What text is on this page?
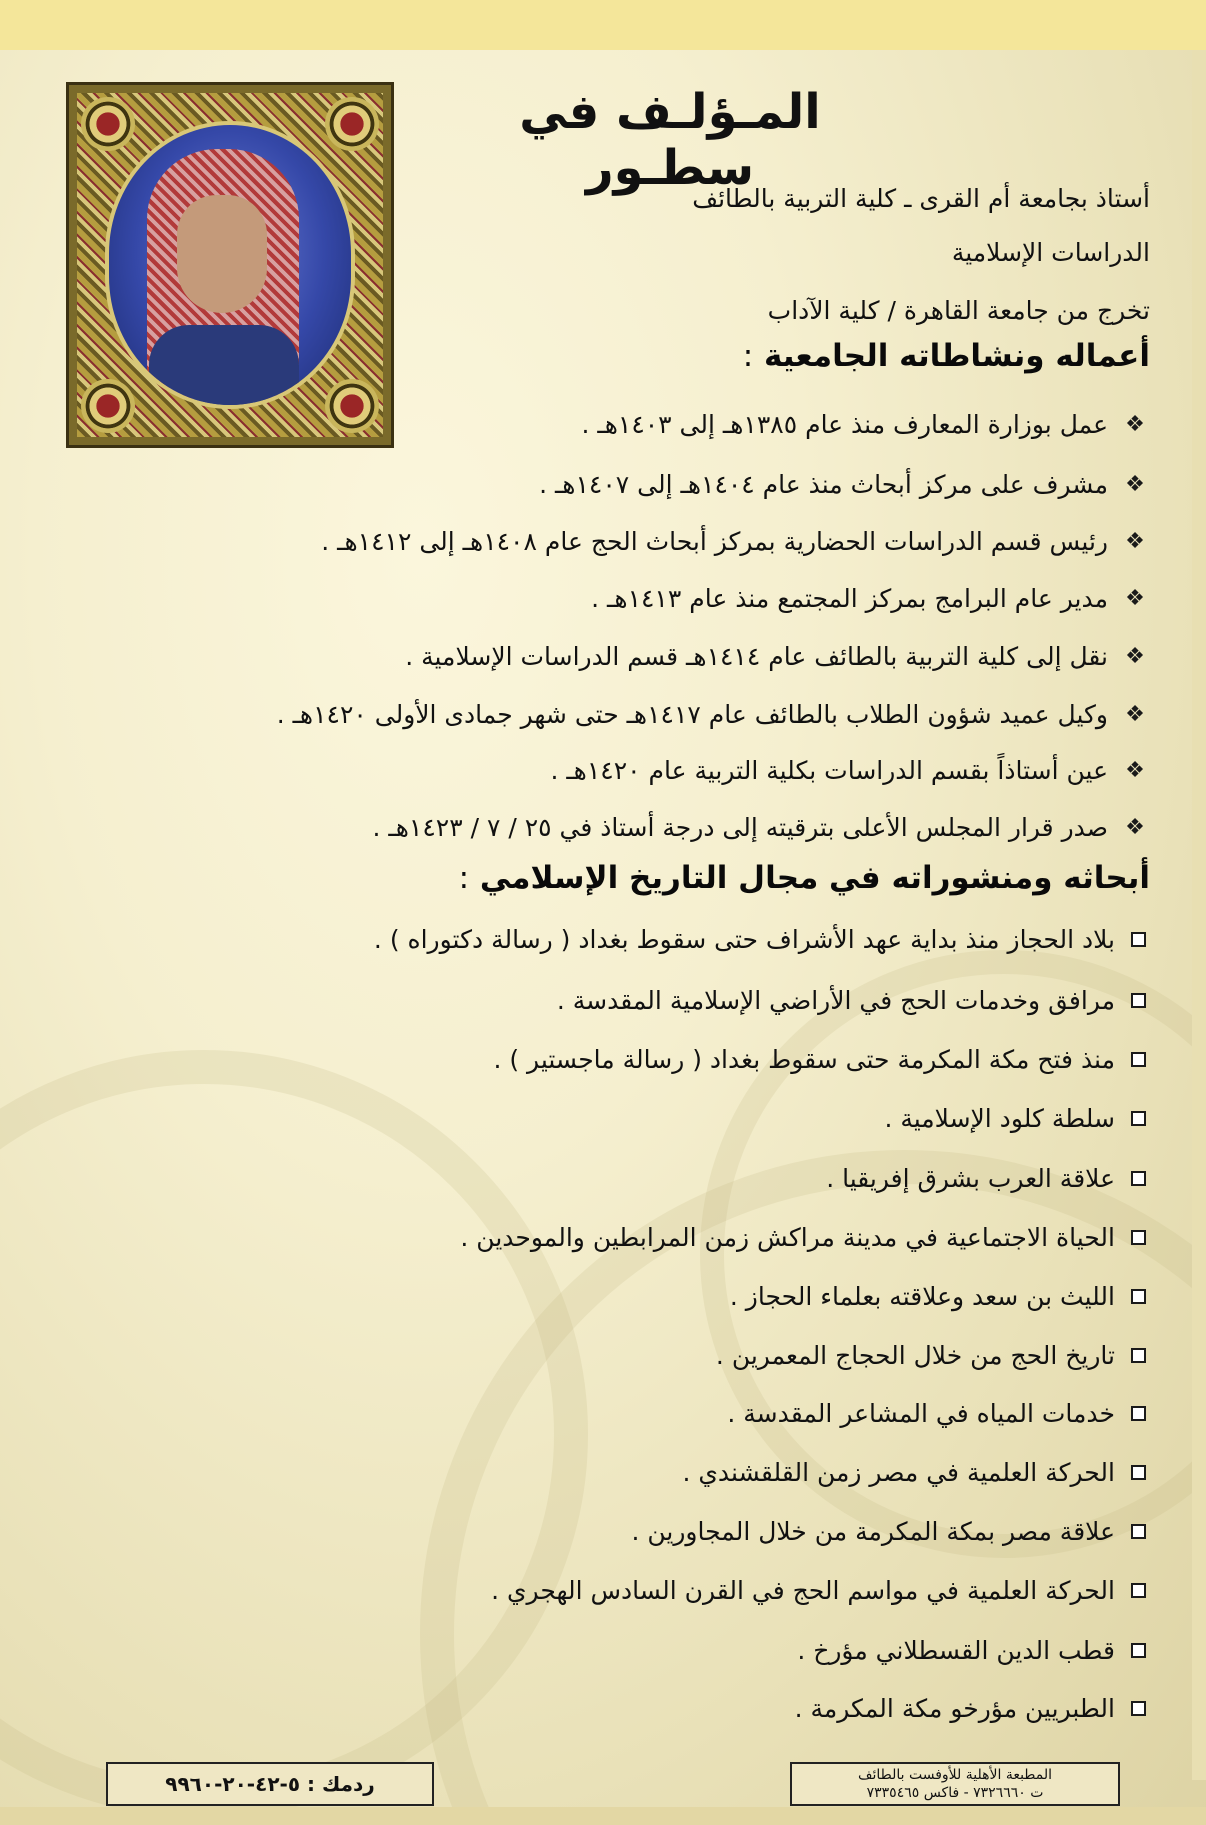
المـؤلـف في سطـور
أستاذ بجامعة أم القرى ـ كلية التربية بالطائف
الدراسات الإسلامية
تخرج من جامعة القاهرة / كلية الآداب
أعماله ونشاطاته الجامعية :
❖
عمل بوزارة المعارف منذ عام ١٣٨٥هـ إلى ١٤٠٣هـ .
❖
مشرف على مركز أبحاث منذ عام ١٤٠٤هـ إلى ١٤٠٧هـ .
❖
رئيس قسم الدراسات الحضارية بمركز أبحاث الحج عام ١٤٠٨هـ إلى ١٤١٢هـ .
❖
مدير عام البرامج بمركز المجتمع منذ عام ١٤١٣هـ .
❖
نقل إلى كلية التربية بالطائف عام ١٤١٤هـ قسم الدراسات الإسلامية .
❖
وكيل عميد شؤون الطلاب بالطائف عام ١٤١٧هـ حتى شهر جمادى الأولى ١٤٢٠هـ .
❖
عين أستاذاً بقسم الدراسات بكلية التربية عام ١٤٢٠هـ .
❖
صدر قرار المجلس الأعلى بترقيته إلى درجة أستاذ في ٢٥ / ٧ / ١٤٢٣هـ .
أبحاثه ومنشوراته في مجال التاريخ الإسلامي :
بلاد الحجاز منذ بداية عهد الأشراف حتى سقوط بغداد ( رسالة دكتوراه ) .
مرافق وخدمات الحج في الأراضي الإسلامية المقدسة .
منذ فتح مكة المكرمة حتى سقوط بغداد ( رسالة ماجستير ) .
سلطة كلود الإسلامية .
علاقة العرب بشرق إفريقيا .
الحياة الاجتماعية في مدينة مراكش زمن المرابطين والموحدين .
الليث بن سعد وعلاقته بعلماء الحجاز .
تاريخ الحج من خلال الحجاج المعمرين .
خدمات المياه في المشاعر المقدسة .
الحركة العلمية في مصر زمن القلقشندي .
علاقة مصر بمكة المكرمة من خلال المجاورين .
الحركة العلمية في مواسم الحج في القرن السادس الهجري .
قطب الدين القسطلاني مؤرخ .
الطبريين مؤرخو مكة المكرمة .
ردمك : ٥-٤٢-٢٠-٩٩٦٠	المطبعة الأهلية للأوفست بالطائف
ت ٧٣٢٦٦٦٠ - فاكس ٧٣٣٥٤٦٥
